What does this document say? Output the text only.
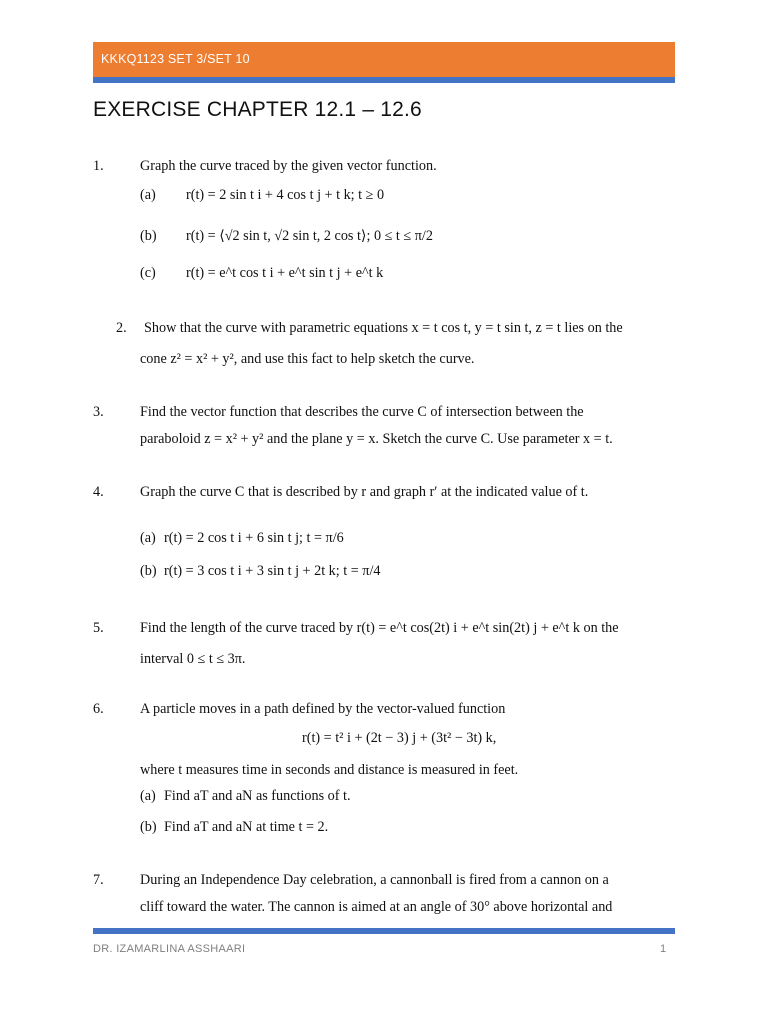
KKKQ1123 SET 3/SET 10
EXERCISE CHAPTER 12.1 – 12.6
1.	Graph the curve traced by the given vector function.
(a) r(t) = 2 sin t i + 4 cos t j + t k; t ≥ 0
(b) r(t) = ⟨√2 sin t, √2 sin t, 2 cos t⟩; 0 ≤ t ≤ π/2
(c) r(t) = e^t cos t i + e^t sin t j + e^t k
2. Show that the curve with parametric equations x = t cos t, y = t sin t, z = t lies on the
cone z² = x² + y², and use this fact to help sketch the curve.
3.	Find the vector function that describes the curve C of intersection between the
paraboloid z = x² + y² and the plane y = x. Sketch the curve C. Use parameter x = t.
4.	Graph the curve C that is described by r and graph r′ at the indicated value of t.
(a) r(t) = 2 cos t i + 6 sin t j; t = π/6
(b) r(t) = 3 cos t i + 3 sin t j + 2t k; t = π/4
5.	Find the length of the curve traced by r(t) = e^t cos(2t) i + e^t sin(2t) j + e^t k on the
interval 0 ≤ t ≤ 3π.
6.	A particle moves in a path defined by the vector-valued function
r(t) = t² i + (2t − 3) j + (3t² − 3t) k,
where t measures time in seconds and distance is measured in feet.
(a) Find aT and aN as functions of t.
(b) Find aT and aN at time t = 2.
7.	During an Independence Day celebration, a cannonball is fired from a cannon on a
cliff toward the water. The cannon is aimed at an angle of 30° above horizontal and
DR. IZAMARLINA ASSHAARI	1
